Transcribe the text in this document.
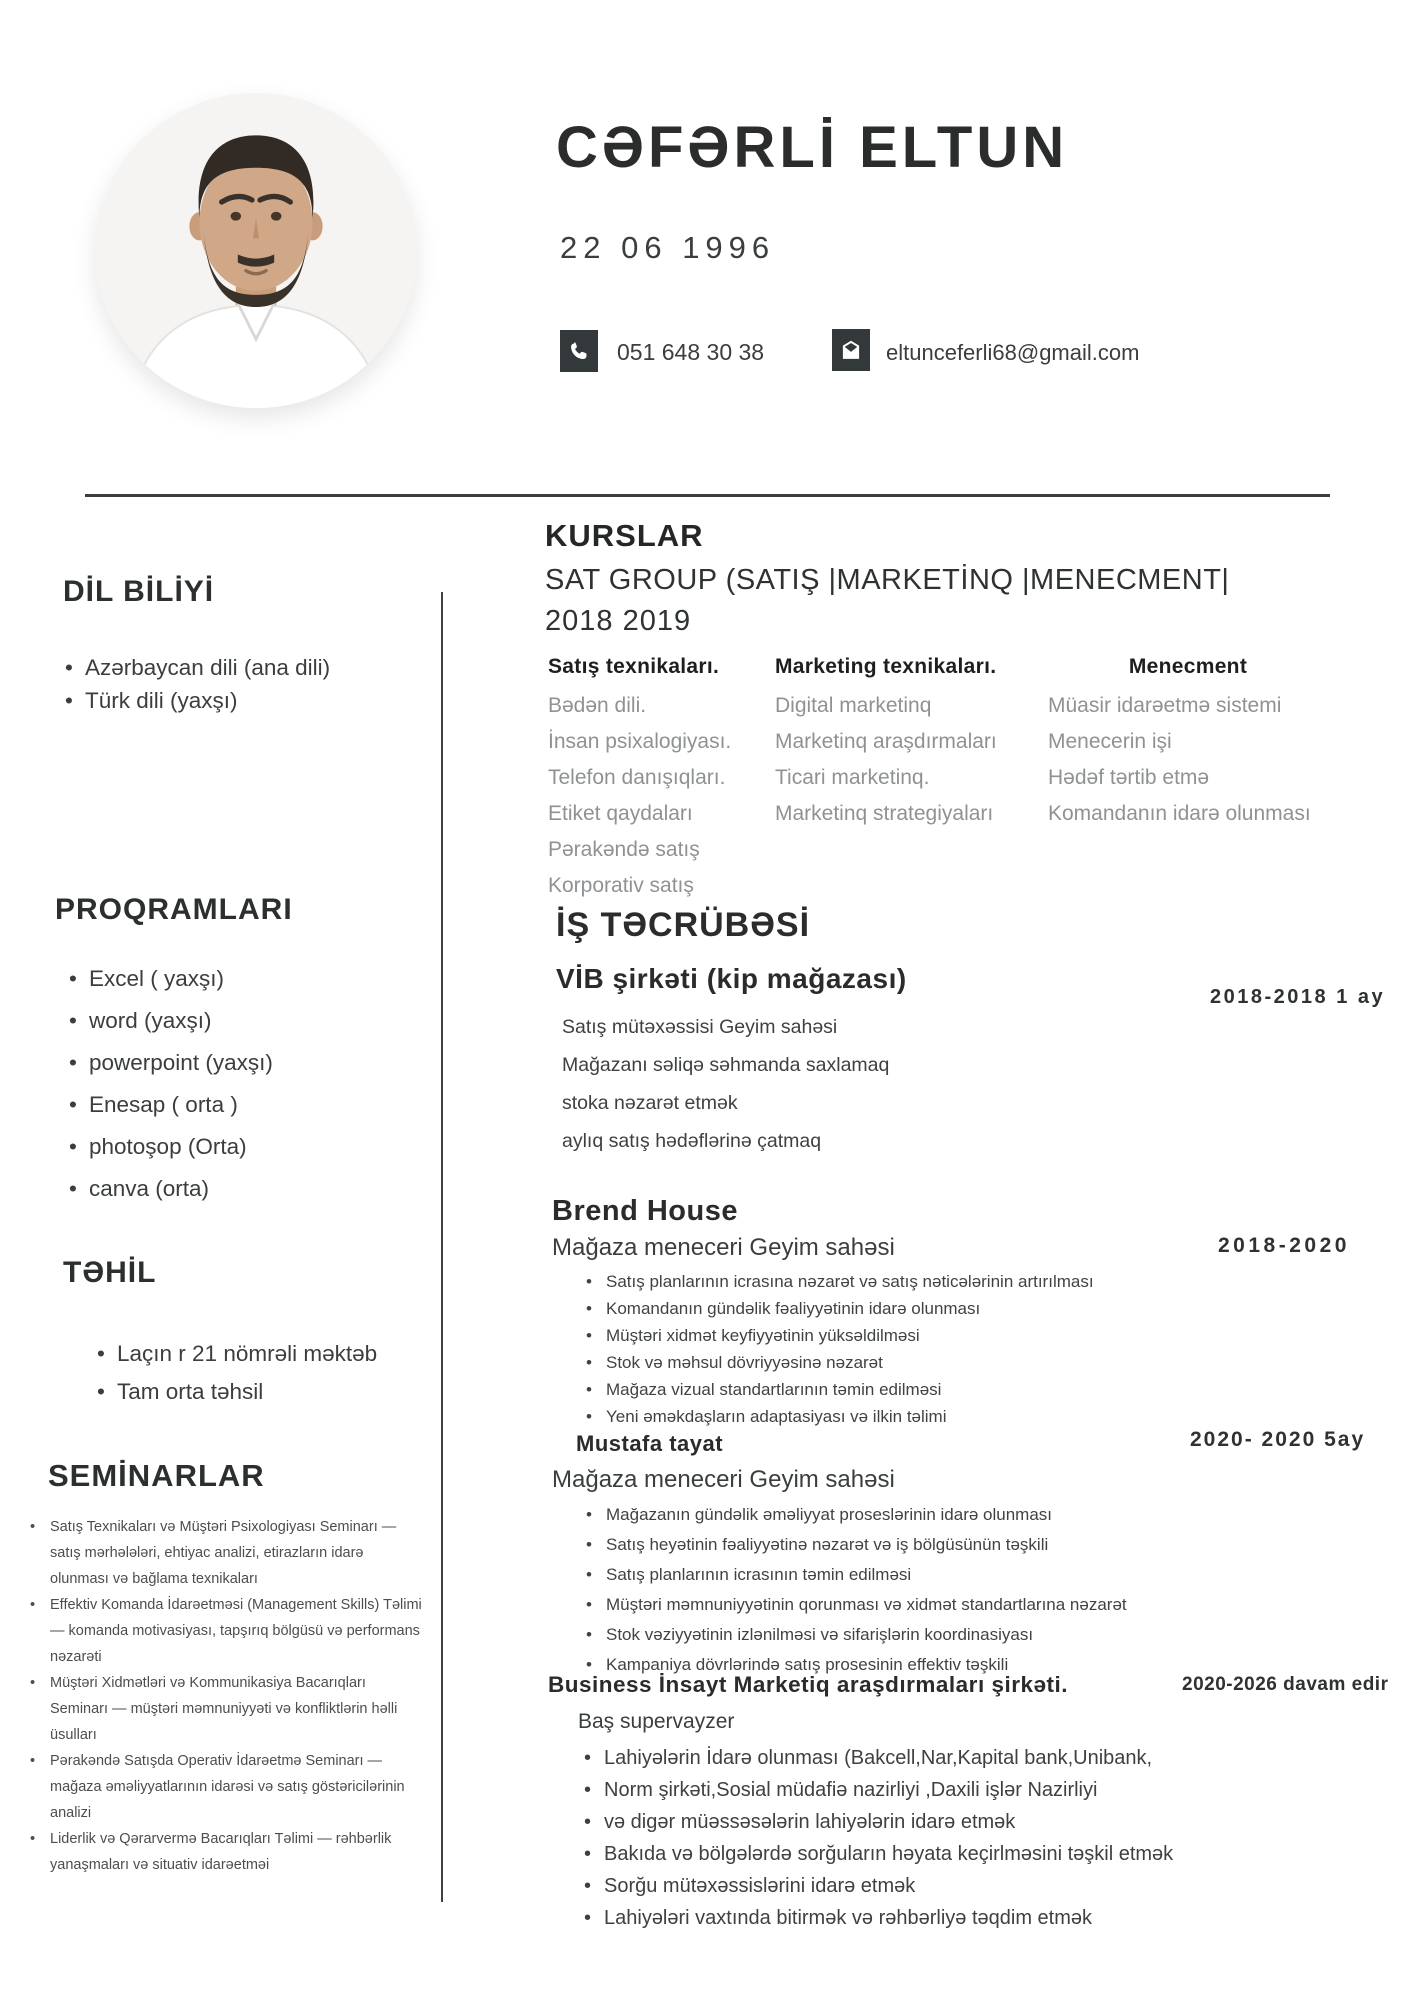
CƏFƏRLİ ELTUN
22 06 1996
051 648 30 38	eltunceferli68@gmail.com
DİL BİLİYİ
• Azərbaycan dili (ana dili)
• Türk dili (yaxşı)
PROQRAMLARI
• Excel ( yaxşı)
• word (yaxşı)
• powerpoint (yaxşı)
• Enesap ( orta )
• photoşop (Orta)
• canva (orta)
TƏHİL
• Laçın r 21 nömrəli məktəb
• Tam orta təhsil
SEMİNARLAR
• Satış Texnikaları və Müştəri Psixologiyası Seminarı — satış mərhələləri, ehtiyac analizi, etirazların idarə olunması və bağlama texnikaları
• Effektiv Komanda İdarəetməsi (Management Skills) Təlimi — komanda motivasiyası, tapşırıq bölgüsü və performans nəzarəti
• Müştəri Xidmətləri və Kommunikasiya Bacarıqları Seminarı — müştəri məmnuniyyəti və konfliktlərin həlli üsulları
• Pərakəndə Satışda Operativ İdarəetmə Seminarı — mağaza əməliyyatlarının idarəsi və satış göstəricilərinin analizi
• Liderlik və Qərarvermə Bacarıqları Təlimi — rəhbərlik yanaşmaları və situativ idarəetməi
KURSLAR
SAT GROUP (SATIŞ |MARKETİNQ |MENECMENT|
2018 2019
Satış texnikaları.
Bədən dili.
İnsan psixalogiyası.
Telefon danışıqları.
Etiket qaydaları
Pərakəndə satış
Korporativ satış
Marketing texnikaları.
Digital marketinq
Marketinq araşdırmaları
Ticari marketinq.
Marketinq strategiyaları
Menecment
Müasir idarəetmə sistemi
Menecerin işi
Hədəf tərtib etmə
Komandanın idarə olunması
İŞ TƏCRÜBƏSİ
VİB şirkəti (kip mağazası)

Satış mütəxəssisi Geyim sahəsi

Mağazanı səliqə səhmanda saxlamaq

stoka nəzarət etmək

aylıq satış hədəflərinə çatmaq

2018-2018 1 ay
Brend House
Mağaza meneceri Geyim sahəsi
• Satış planlarının icrasına nəzarət və satış nəticələrinin artırılması
• Komandanın gündəlik fəaliyyətinin idarə olunması
• Müştəri xidmət keyfiyyətinin yüksəldilməsi
• Stok və məhsul dövriyyəsinə nəzarət
• Mağaza vizual standartlarının təmin edilməsi
• Yeni əməkdaşların adaptasiyası və ilkin təlimi
2018-2020
Mustafa tayat
Mağaza meneceri Geyim sahəsi
• Mağazanın gündəlik əməliyyat proseslərinin idarə olunması
• Satış heyətinin fəaliyyətinə nəzarət və iş bölgüsünün təşkili
• Satış planlarının icrasının təmin edilməsi
• Müştəri məmnuniyyətinin qorunması və xidmət standartlarına nəzarət
• Stok vəziyyətinin izlənilməsi və sifarişlərin koordinasiyası
• Kampaniya dövrlərində satış prosesinin effektiv təşkili
2020- 2020 5ay
Business İnsayt Marketiq araşdırmaları şirkəti.
Baş supervayzer
• Lahiyələrin İdarə olunması (Bakcell,Nar,Kapital bank,Unibank,
• Norm şirkəti,Sosial müdafiə nazirliyi ,Daxili işlər Nazirliyi
• və digər müəssəsələrin lahiyələrin idarə etmək
• Bakıda və bölgələrdə sorğuların həyata keçirlməsini təşkil etmək
• Sorğu mütəxəssislərini idarə etmək
• Lahiyələri vaxtında bitirmək və rəhbərliyə təqdim etmək
2020-2026 davam edir
